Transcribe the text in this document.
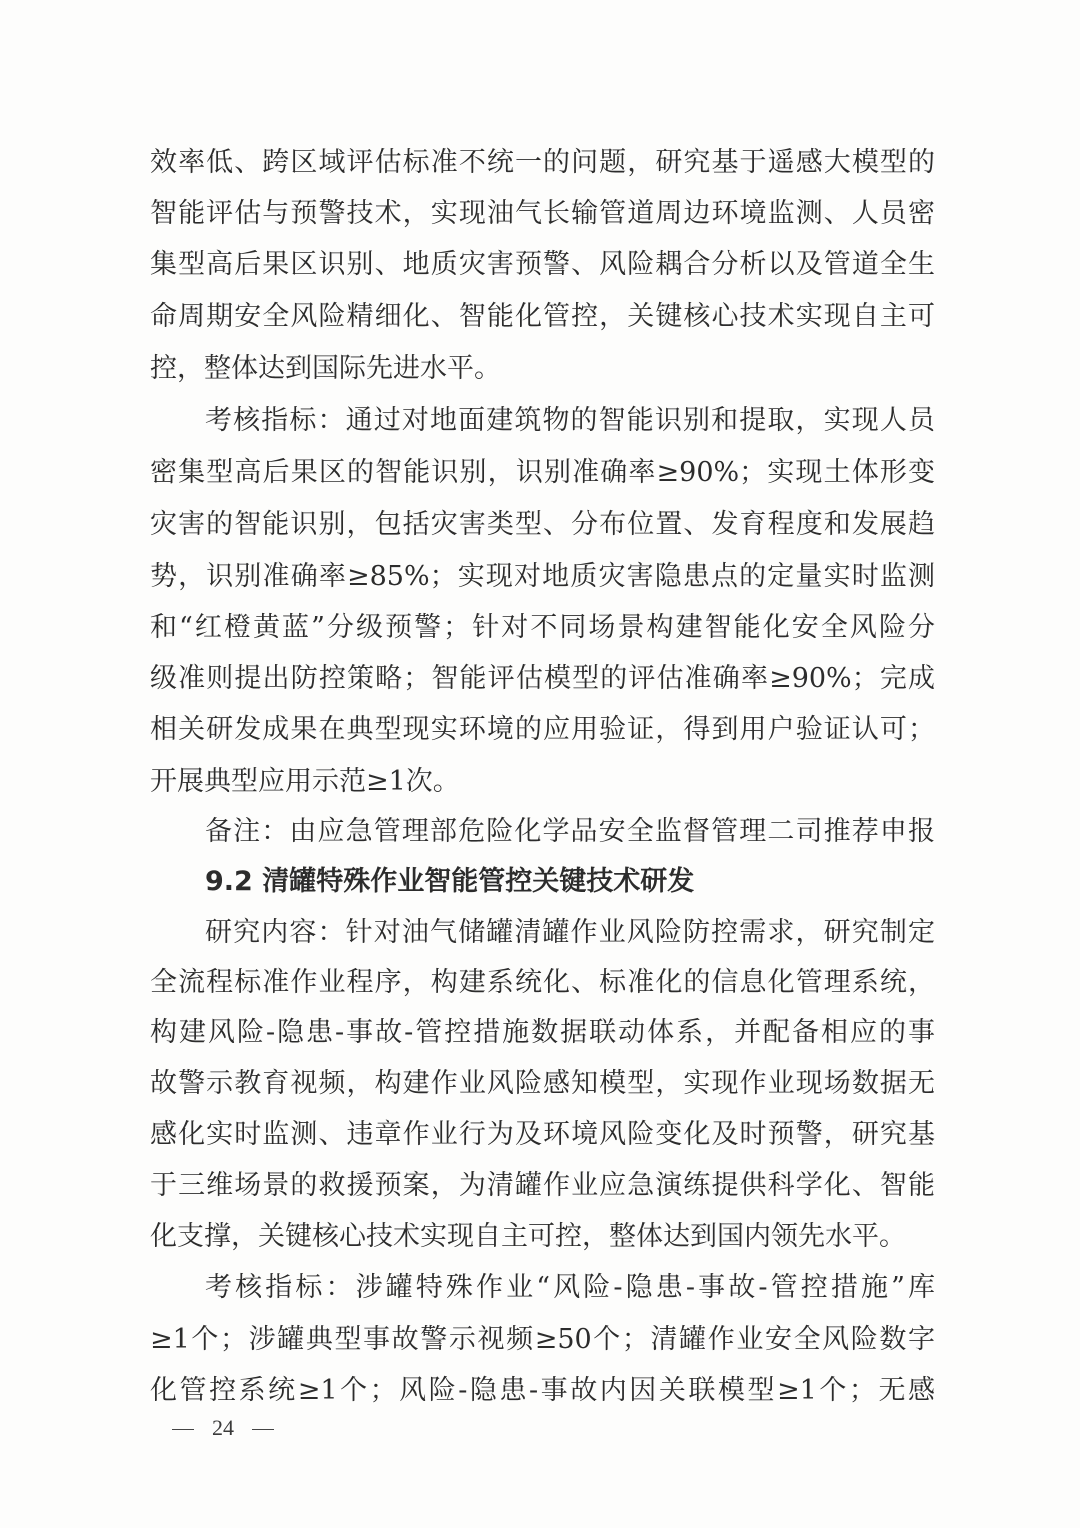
效率低、跨区域评估标准不统一的问题，研究基于遥感大模型的
智能评估与预警技术，实现油气长输管道周边环境监测、人员密
集型高后果区识别、地质灾害预警、风险耦合分析以及管道全生
命周期安全风险精细化、智能化管控，关键核心技术实现自主可
控，整体达到国际先进水平。
考核指标：通过对地面建筑物的智能识别和提取，实现人员
密集型高后果区的智能识别，识别准确率≥90%；实现土体形变
灾害的智能识别，包括灾害类型、分布位置、发育程度和发展趋
势，识别准确率≥85%；实现对地质灾害隐患点的定量实时监测
和“红橙黄蓝”分级预警；针对不同场景构建智能化安全风险分
级准则提出防控策略；智能评估模型的评估准确率≥90%；完成
相关研发成果在典型现实环境的应用验证，得到用户验证认可；
开展典型应用示范≥1次。
备注：由应急管理部危险化学品安全监督管理二司推荐申报
9.2 清罐特殊作业智能管控关键技术研发
研究内容：针对油气储罐清罐作业风险防控需求，研究制定
全流程标准作业程序，构建系统化、标准化的信息化管理系统，
构建风险-隐患-事故-管控措施数据联动体系，并配备相应的事
故警示教育视频，构建作业风险感知模型，实现作业现场数据无
感化实时监测、违章作业行为及环境风险变化及时预警，研究基
于三维场景的救援预案，为清罐作业应急演练提供科学化、智能
化支撑，关键核心技术实现自主可控，整体达到国内领先水平。
考核指标：涉罐特殊作业“风险-隐患-事故-管控措施”库
≥1个；涉罐典型事故警示视频≥50个；清罐作业安全风险数字
化管控系统≥1个；风险-隐患-事故内因关联模型≥1个；无感
24
